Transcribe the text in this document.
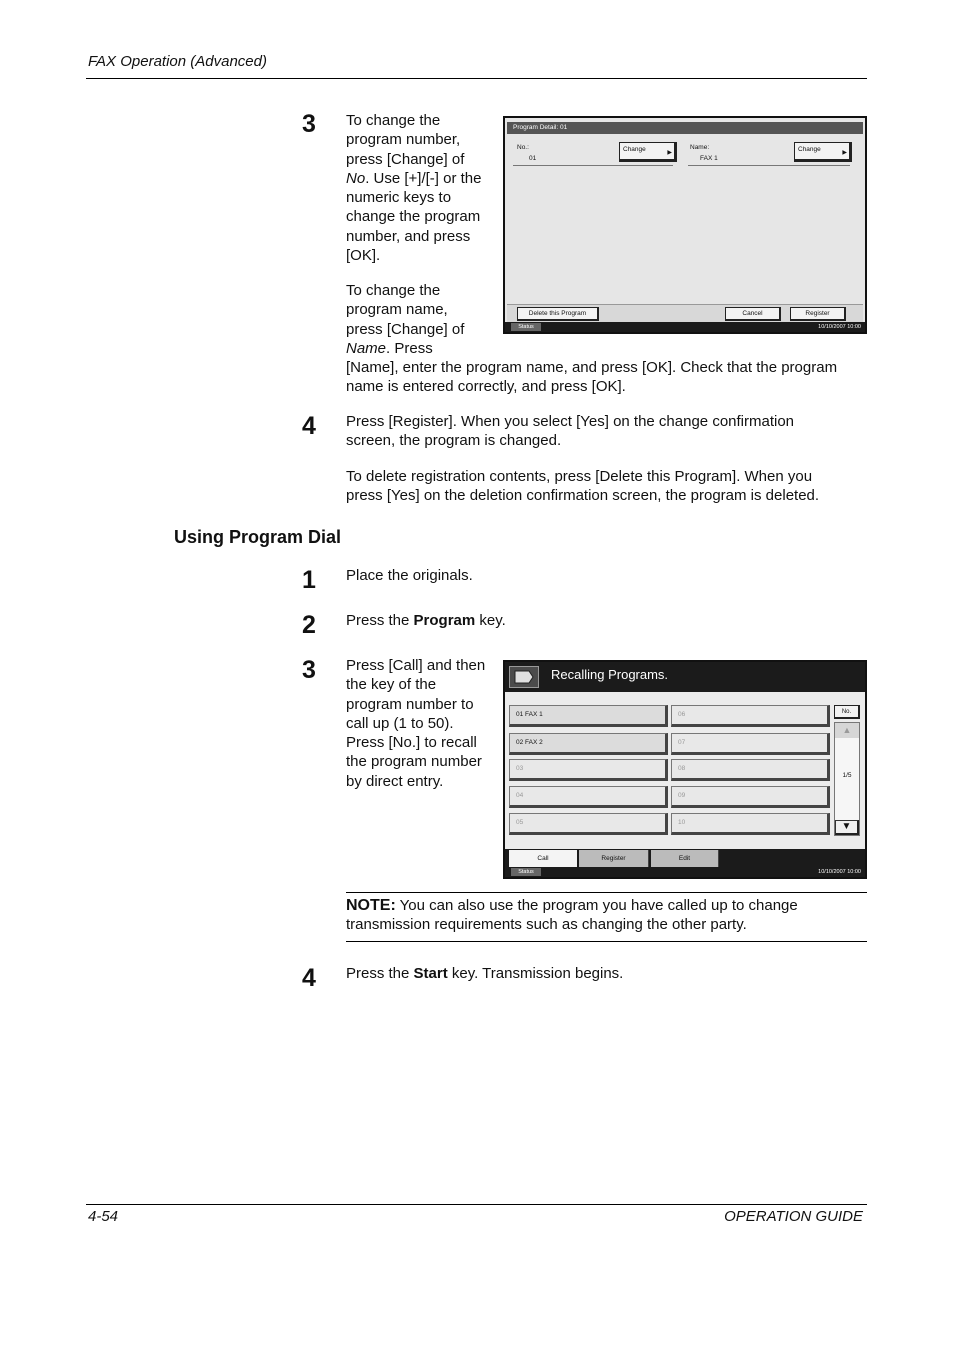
FAX Operation (Advanced)
3 To change the
program number,
press [Change] of
No. Use [+]/[-] or the
numeric keys to
change the program
number, and press
[OK].
To change the
program name,
press [Change] of
Name. Press
[Name], enter the program name, and press [OK]. Check that the program
name is entered correctly, and press [OK].
Program Detail: 01
No.:
01
Change	▶
Name:
FAX 1
Change	▶
Delete this Program	Cancel	Register
Status	10/10/2007 10:00
4 Press [Register]. When you select [Yes] on the change confirmation
screen, the program is changed.
To delete registration contents, press [Delete this Program]. When you
press [Yes] on the deletion confirmation screen, the program is deleted.
Using Program Dial
1 Place the originals.
2 Press the Program key.
3 Press [Call] and then
the key of the
program number to
call up (1 to 50).
Press [No.] to recall
the program number
by direct entry.
Recalling Programs.
01 FAX 1
02 FAX 2
03
04
05
06
07
08
09
10
No.
▲
1/5
▼
Call	Register	Edit
Status	10/10/2007 10:00
NOTE: You can also use the program you have called up to change
transmission requirements such as changing the other party.
4 Press the Start key. Transmission begins.
4-54	OPERATION GUIDE
